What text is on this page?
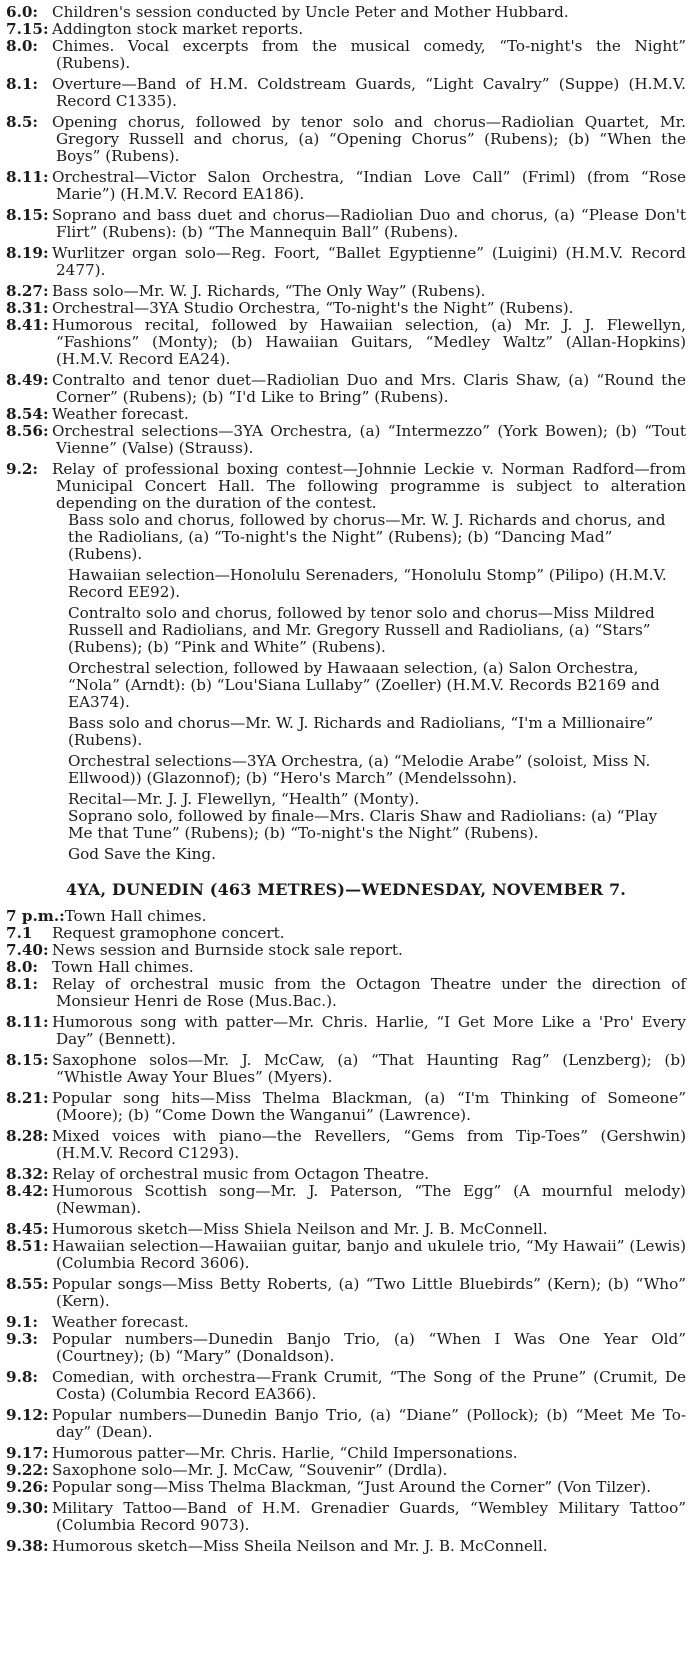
6.0: Children's session conducted by Uncle Peter and Mother Hubbard.
7.15: Addington stock market reports.
8.0: Chimes. Vocal excerpts from the musical comedy, “To-night's the Night” (Rubens).
8.1: Overture—Band of H.M. Coldstream Guards, “Light Cavalry” (Suppe) (H.M.V. Record C1335).
8.5: Opening chorus, followed by tenor solo and chorus—Radiolian Quartet, Mr. Gregory Russell and chorus, (a) “Opening Chorus” (Rubens); (b) “When the Boys” (Rubens).
8.11: Orchestral—Victor Salon Orchestra, “Indian Love Call” (Friml) (from “Rose Marie”) (H.M.V. Record EA186).
8.15: Soprano and bass duet and chorus—Radiolian Duo and chorus, (a) “Please Don't Flirt” (Rubens): (b) “The Mannequin Ball” (Rubens).
8.19: Wurlitzer organ solo—Reg. Foort, “Ballet Egyptienne” (Luigini) (H.M.V. Record 2477).
8.27: Bass solo—Mr. W. J. Richards, “The Only Way” (Rubens).
8.31: Orchestral—3YA Studio Orchestra, “To-night's the Night” (Rubens).
8.41: Humorous recital, followed by Hawaiian selection, (a) Mr. J. J. Flewellyn, “Fashions” (Monty); (b) Hawaiian Guitars, “Medley Waltz” (Allan-Hopkins) (H.M.V. Record EA24).
8.49: Contralto and tenor duet—Radiolian Duo and Mrs. Claris Shaw, (a) “Round the Corner” (Rubens); (b) “I'd Like to Bring” (Rubens).
8.54: Weather forecast.
8.56: Orchestral selections—3YA Orchestra, (a) “Intermezzo” (York Bowen); (b) “Tout Vienne” (Valse) (Strauss).
9.2: Relay of professional boxing contest—Johnnie Leckie v. Norman Radford—from Municipal Concert Hall. The following programme is subject to alteration depending on the duration of the contest.
Bass solo and chorus, followed by chorus—Mr. W. J. Richards and chorus, and the Radiolians, (a) “To-night's the Night” (Rubens); (b) “Dancing Mad” (Rubens).
Hawaiian selection—Honolulu Serenaders, “Honolulu Stomp” (Pilipo) (H.M.V. Record EE92).
Contralto solo and chorus, followed by tenor solo and chorus—Miss Mildred Russell and Radiolians, and Mr. Gregory Russell and Radiolians, (a) “Stars” (Rubens); (b) “Pink and White” (Rubens).
Orchestral selection, followed by Hawaaan selection, (a) Salon Orchestra, “Nola” (Arndt): (b) “Lou'Siana Lullaby” (Zoeller) (H.M.V. Records B2169 and EA374).
Bass solo and chorus—Mr. W. J. Richards and Radiolians, “I'm a Millionaire” (Rubens).
Orchestral selections—3YA Orchestra, (a) “Melodie Arabe” (soloist, Miss N. Ellwood)) (Glazonnof); (b) “Hero's March” (Mendelssohn).
Recital—Mr. J. J. Flewellyn, “Health” (Monty).
Soprano solo, followed by finale—Mrs. Claris Shaw and Radiolians: (a) “Play Me that Tune” (Rubens); (b) “To-night's the Night” (Rubens).
God Save the King.
4YA, DUNEDIN (463 METRES)—WEDNESDAY, NOVEMBER 7.
7 p.m.: Town Hall chimes.
7.1	Request gramophone concert.
7.40: News session and Burnside stock sale report.
8.0: Town Hall chimes.
8.1: Relay of orchestral music from the Octagon Theatre under the direction of Monsieur Henri de Rose (Mus.Bac.).
8.11: Humorous song with patter—Mr. Chris. Harlie, “I Get More Like a 'Pro' Every Day” (Bennett).
8.15: Saxophone solos—Mr. J. McCaw, (a) “That Haunting Rag” (Lenzberg); (b) “Whistle Away Your Blues” (Myers).
8.21: Popular song hits—Miss Thelma Blackman, (a) “I'm Thinking of Someone” (Moore); (b) “Come Down the Wanganui” (Lawrence).
8.28: Mixed voices with piano—the Revellers, “Gems from Tip-Toes” (Gershwin) (H.M.V. Record C1293).
8.32: Relay of orchestral music from Octagon Theatre.
8.42: Humorous Scottish song—Mr. J. Paterson, “The Egg” (A mournful melody) (Newman).
8.45: Humorous sketch—Miss Shiela Neilson and Mr. J. B. McConnell.
8.51: Hawaiian selection—Hawaiian guitar, banjo and ukulele trio, “My Hawaii” (Lewis) (Columbia Record 3606).
8.55: Popular songs—Miss Betty Roberts, (a) “Two Little Bluebirds” (Kern); (b) “Who” (Kern).
9.1: Weather forecast.
9.3: Popular numbers—Dunedin Banjo Trio, (a) “When I Was One Year Old” (Courtney); (b) “Mary” (Donaldson).
9.8: Comedian, with orchestra—Frank Crumit, “The Song of the Prune” (Crumit, De Costa) (Columbia Record EA366).
9.12: Popular numbers—Dunedin Banjo Trio, (a) “Diane” (Pollock); (b) “Meet Me To-day” (Dean).
9.17: Humorous patter—Mr. Chris. Harlie, “Child Impersonations.
9.22: Saxophone solo—Mr. J. McCaw, “Souvenir” (Drdla).
9.26: Popular song—Miss Thelma Blackman, “Just Around the Corner” (Von Tilzer).
9.30: Military Tattoo—Band of H.M. Grenadier Guards, “Wembley Military Tattoo” (Columbia Record 9073).
9.38: Humorous sketch—Miss Sheila Neilson and Mr. J. B. McConnell.
